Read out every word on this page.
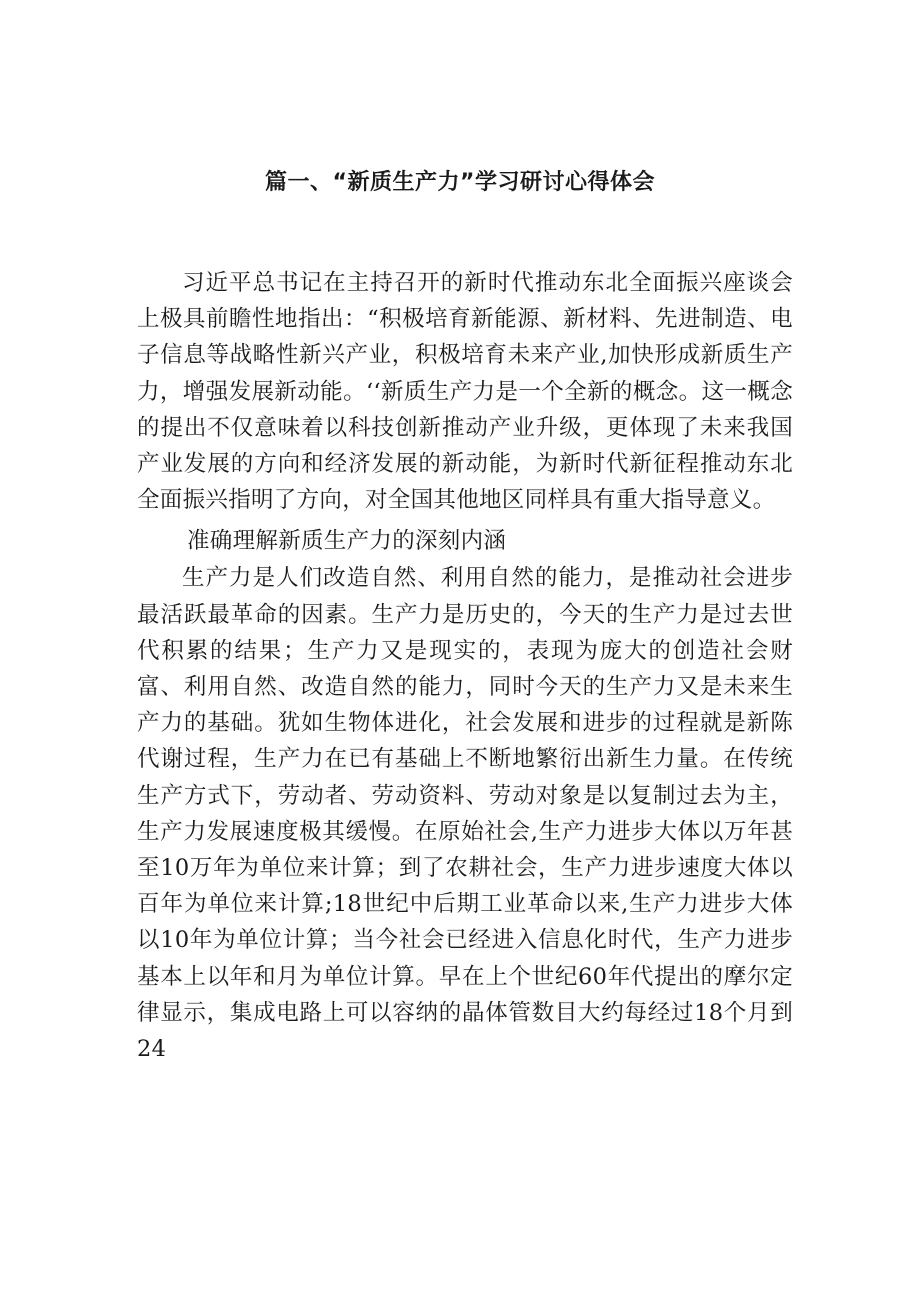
篇一、“新质生产力”学习研讨心得体会

习近平总书记在主持召开的新时代推动东北全面振兴座谈会上极具前瞻性地指出：“积极培育新能源、新材料、先进制造、电子信息等战略性新兴产业，积极培育未来产业,加快形成新质生产力，增强发展新动能。‘‘新质生产力是一个全新的概念。这一概念的提出不仅意味着以科技创新推动产业升级，更体现了未来我国产业发展的方向和经济发展的新动能，为新时代新征程推动东北全面振兴指明了方向，对全国其他地区同样具有重大指导意义。

准确理解新质生产力的深刻内涵

生产力是人们改造自然、利用自然的能力，是推动社会进步最活跃最革命的因素。生产力是历史的，今天的生产力是过去世代积累的结果；生产力又是现实的，表现为庞大的创造社会财富、利用自然、改造自然的能力，同时今天的生产力又是未来生产力的基础。犹如生物体进化，社会发展和进步的过程就是新陈代谢过程，生产力在已有基础上不断地繁衍出新生力量。在传统生产方式下，劳动者、劳动资料、劳动对象是以复制过去为主，生产力发展速度极其缓慢。在原始社会,生产力进步大体以万年甚至10万年为单位来计算；到了农耕社会，生产力进步速度大体以百年为单位来计算;18世纪中后期工业革命以来,生产力进步大体以10年为单位计算；当今社会已经进入信息化时代，生产力进步基本上以年和月为单位计算。早在上个世纪60年代提出的摩尔定律显示，集成电路上可以容纳的晶体管数目大约每经过18个月到24
